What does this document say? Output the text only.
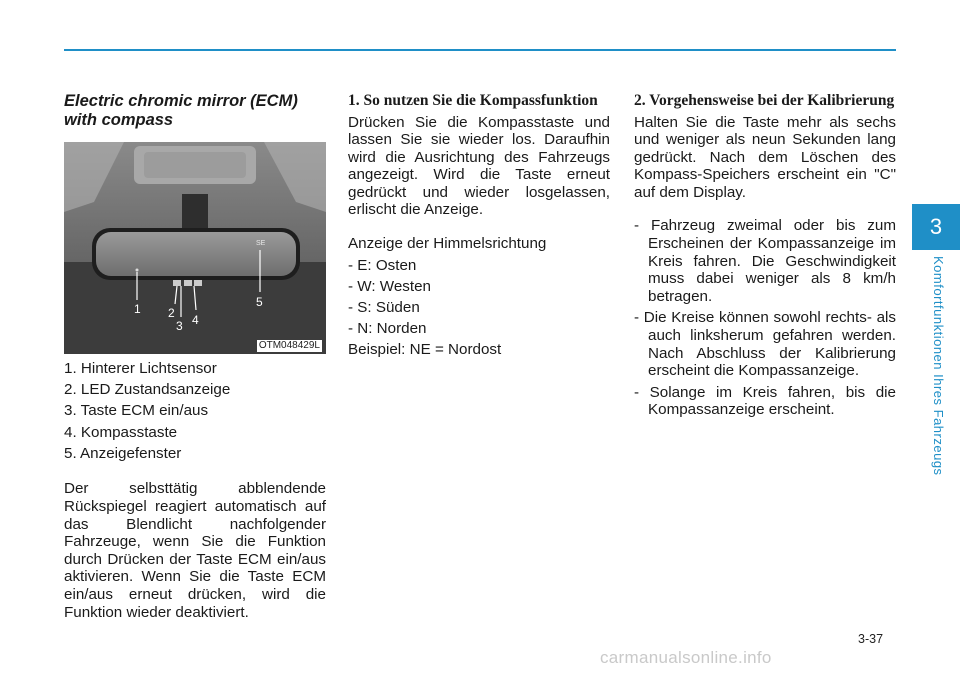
Electric chromic mirror (ECM) with compass
SE
1 2
3 4
5
OTM048429L
1. Hinterer Lichtsensor
2. LED Zustandsanzeige
3. Taste ECM ein/aus
4. Kompasstaste
5. Anzeigefenster

Der selbsttätig abblendende Rückspiegel reagiert automatisch auf das Blendlicht nachfolgender Fahrzeuge, wenn Sie die Funktion durch Drücken der Taste ECM ein/aus aktivieren. Wenn Sie die Taste ECM ein/aus erneut drücken, wird die Funktion wieder deaktiviert.

1. So nutzen Sie die Kompassfunktion

Drücken Sie die Kompasstaste und lassen Sie sie wieder los. Daraufhin wird die Ausrichtung des Fahrzeugs angezeigt. Wird die Taste erneut gedrückt und wieder losgelassen, erlischt die Anzeige.

Anzeige der Himmelsrichtung

- E: Osten
- W: Westen
- S: Süden
- N: Norden
Beispiel: NE = Nordost
2. Vorgehensweise bei der Kalibrierung

Halten Sie die Taste mehr als sechs und weniger als neun Sekunden lang gedrückt. Nach dem Löschen des Kompass-Speichers erscheint ein "C" auf dem Display.

- Fahrzeug zweimal oder bis zum Erscheinen der Kompassanzeige im Kreis fahren. Die Geschwindigkeit muss dabei weniger als 8 km/h betragen.

- Die Kreise können sowohl rechts- als auch linksherum gefahren werden. Nach Abschluss der Kalibrierung erscheint die Kompassanzeige.

- Solange im Kreis fahren, bis die Kompassanzeige erscheint.

3
Komfortfunktionen Ihres Fahrzeugs
3-37
carmanualsonline.info
